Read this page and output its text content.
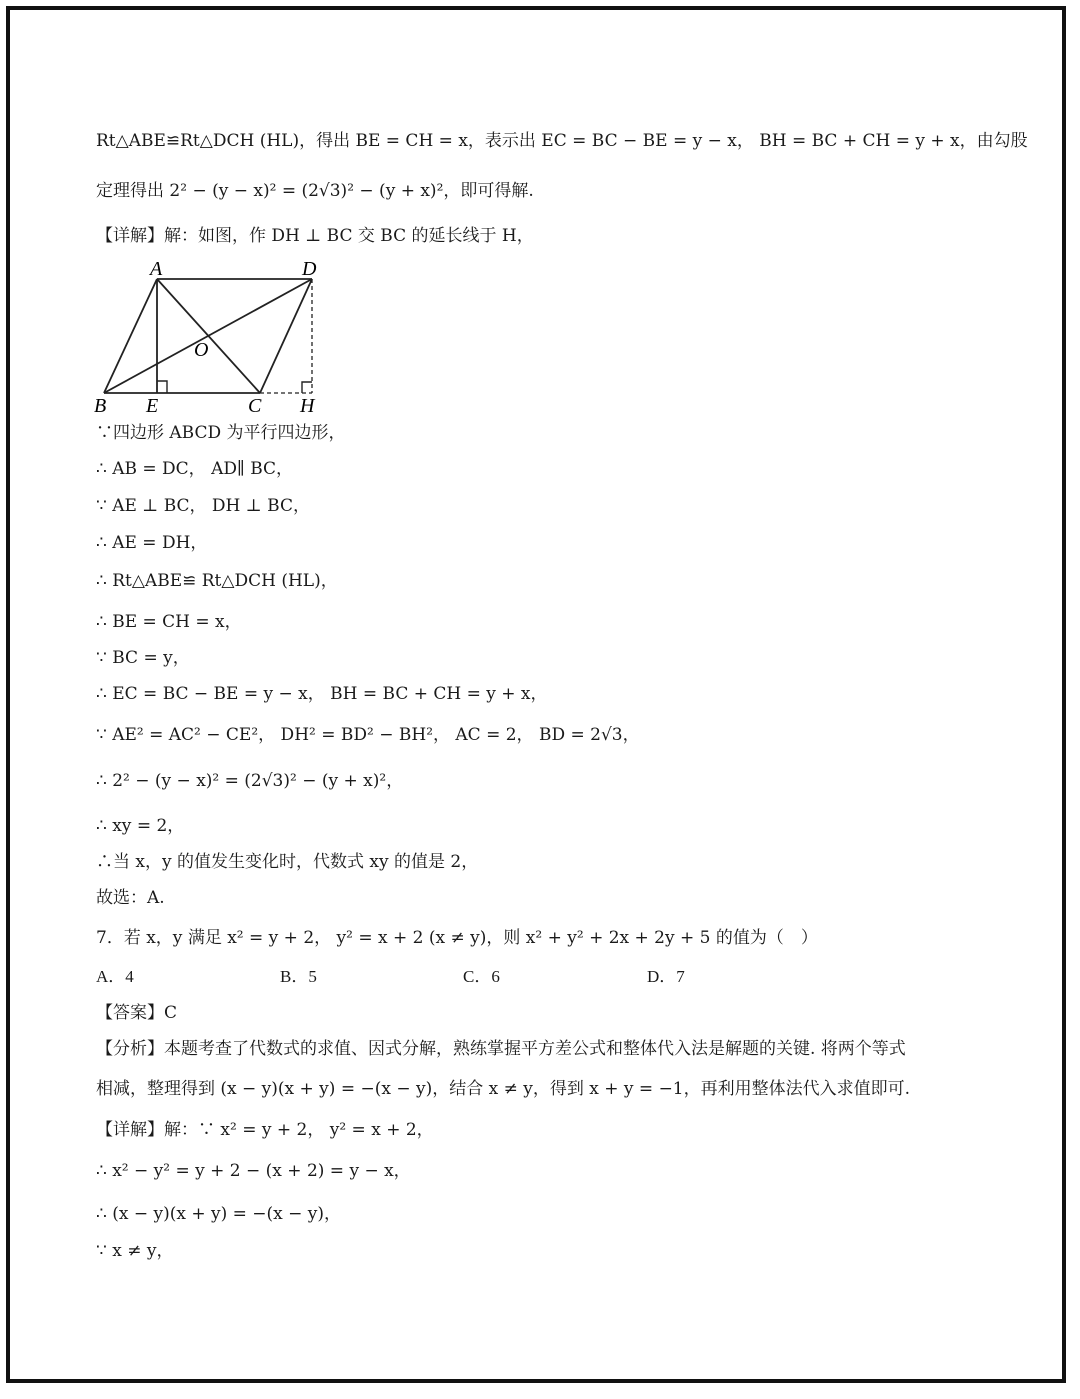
Rt△ABE≌Rt△DCH (HL)，得出 BE = CH = x，表示出 EC = BC − BE = y − x， BH = BC + CH = y + x，由勾股
定理得出 2² − (y − x)² = (2√3)² − (y + x)²，即可得解.
【详解】解：如图，作 DH ⊥ BC 交 BC 的延长线于 H，
A	D
O
B E	C H
∵四边形 ABCD 为平行四边形，
∴ AB = DC， AD∥ BC，
∵ AE ⊥ BC， DH ⊥ BC，
∴ AE = DH，
∴ Rt△ABE≌ Rt△DCH (HL)，
∴ BE = CH = x，
∵ BC = y，
∴ EC = BC − BE = y − x， BH = BC + CH = y + x，
∵ AE² = AC² − CE²， DH² = BD² − BH²， AC = 2， BD = 2√3，
∴ 2² − (y − x)² = (2√3)² − (y + x)²，
∴ xy = 2，
∴当 x，y 的值发生变化时，代数式 xy 的值是 2，
故选：A.
7．若 x，y 满足 x² = y + 2， y² = x + 2 (x ≠ y)，则 x² + y² + 2x + 2y + 5 的值为（　）
A．4	B．5	C．6	D．7
【答案】C
【分析】本题考查了代数式的求值、因式分解，熟练掌握平方差公式和整体代入法是解题的关键. 将两个等式
相减，整理得到 (x − y)(x + y) = −(x − y)，结合 x ≠ y，得到 x + y = −1，再利用整体法代入求值即可.
【详解】解：∵ x² = y + 2， y² = x + 2，
∴ x² − y² = y + 2 − (x + 2) = y − x，
∴ (x − y)(x + y) = −(x − y)，
∵ x ≠ y，
